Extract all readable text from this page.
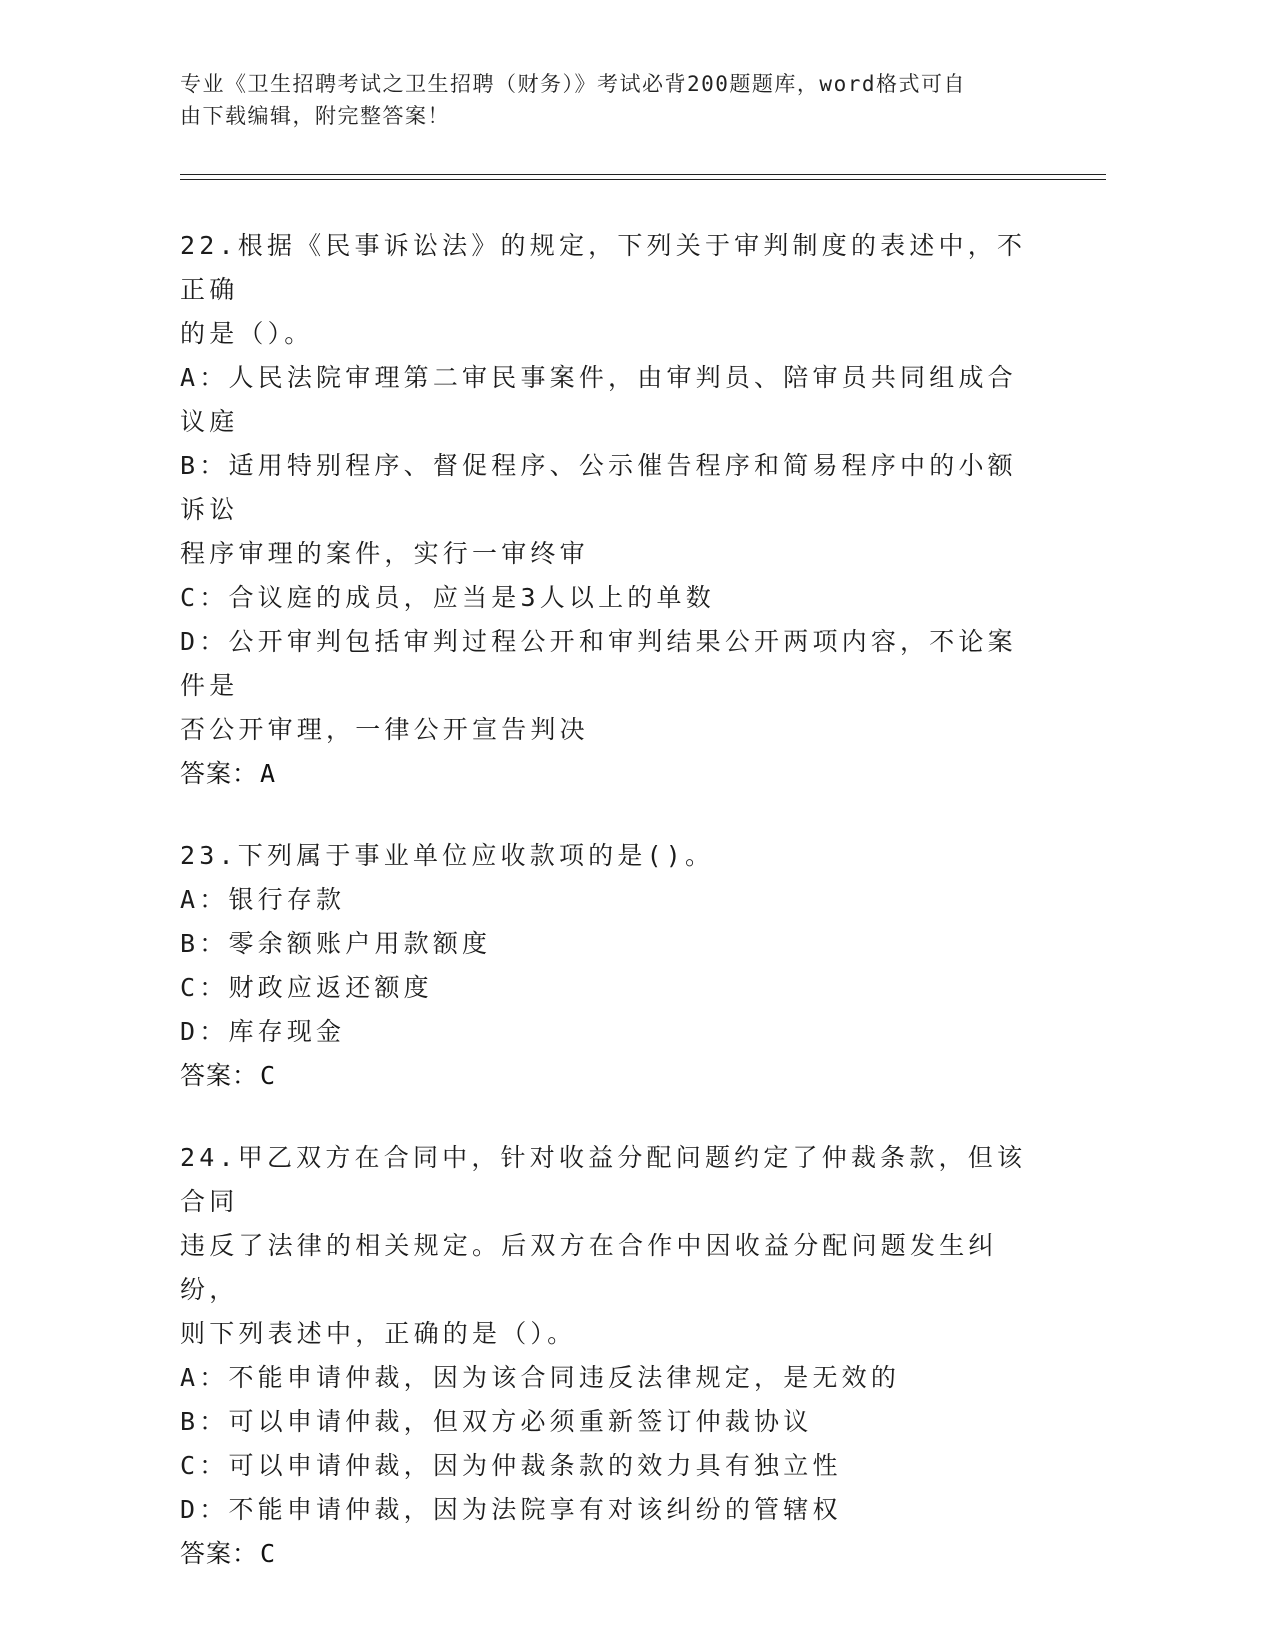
专业《卫生招聘考试之卫生招聘（财务）》考试必背200题题库，word格式可自
由下载编辑，附完整答案！
22.根据《民事诉讼法》的规定，下列关于审判制度的表述中，不正确
的是（）。
A：人民法院审理第二审民事案件，由审判员、陪审员共同组成合议庭
B：适用特别程序、督促程序、公示催告程序和简易程序中的小额诉讼
程序审理的案件，实行一审终审
C：合议庭的成员，应当是3人以上的单数
D：公开审判包括审判过程公开和审判结果公开两项内容，不论案件是
否公开审理，一律公开宣告判决
答案：A
23.下列属于事业单位应收款项的是()。
A：银行存款
B：零余额账户用款额度
C：财政应返还额度
D：库存现金
答案：C
24.甲乙双方在合同中，针对收益分配问题约定了仲裁条款，但该合同
违反了法律的相关规定。后双方在合作中因收益分配问题发生纠纷，
则下列表述中，正确的是（）。
A：不能申请仲裁，因为该合同违反法律规定，是无效的
B：可以申请仲裁，但双方必须重新签订仲裁协议
C：可以申请仲裁，因为仲裁条款的效力具有独立性
D：不能申请仲裁，因为法院享有对该纠纷的管辖权
答案：C
